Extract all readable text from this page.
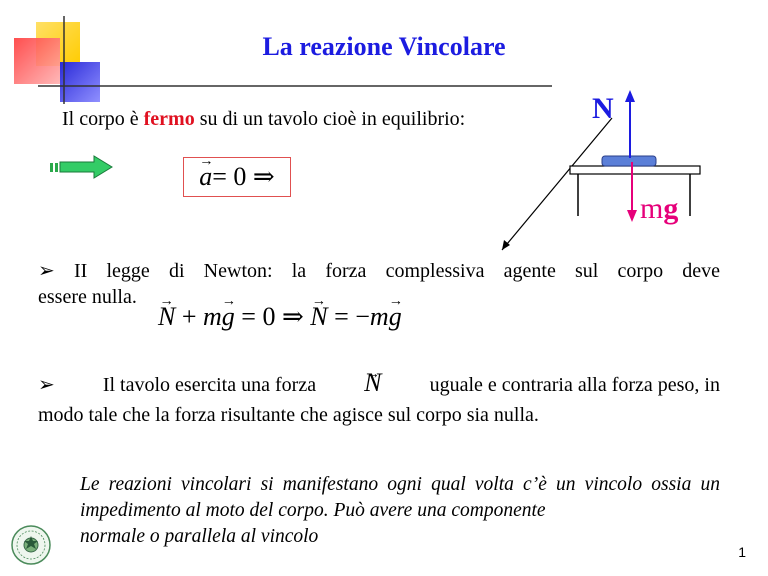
La reazione Vincolare
Il corpo è fermo su di un tavolo cioè in equilibrio:
→ a = 0 ⇒
N
mg
➢ II legge di Newton: la forza complessiva agente sul corpo deve
essere nulla.
→ N + m→ g = 0 ⇒ → N = −m→ g
➢ Il tavolo esercita una forza
→ N uguale e contraria alla forza peso, in
modo tale che la forza risultante che agisce sul corpo sia nulla.
Le reazioni vincolari si manifestano ogni qual volta c’è un vincolo ossia un impedimento al moto del corpo. Può avere una componente
normale o parallela al vincolo
1
